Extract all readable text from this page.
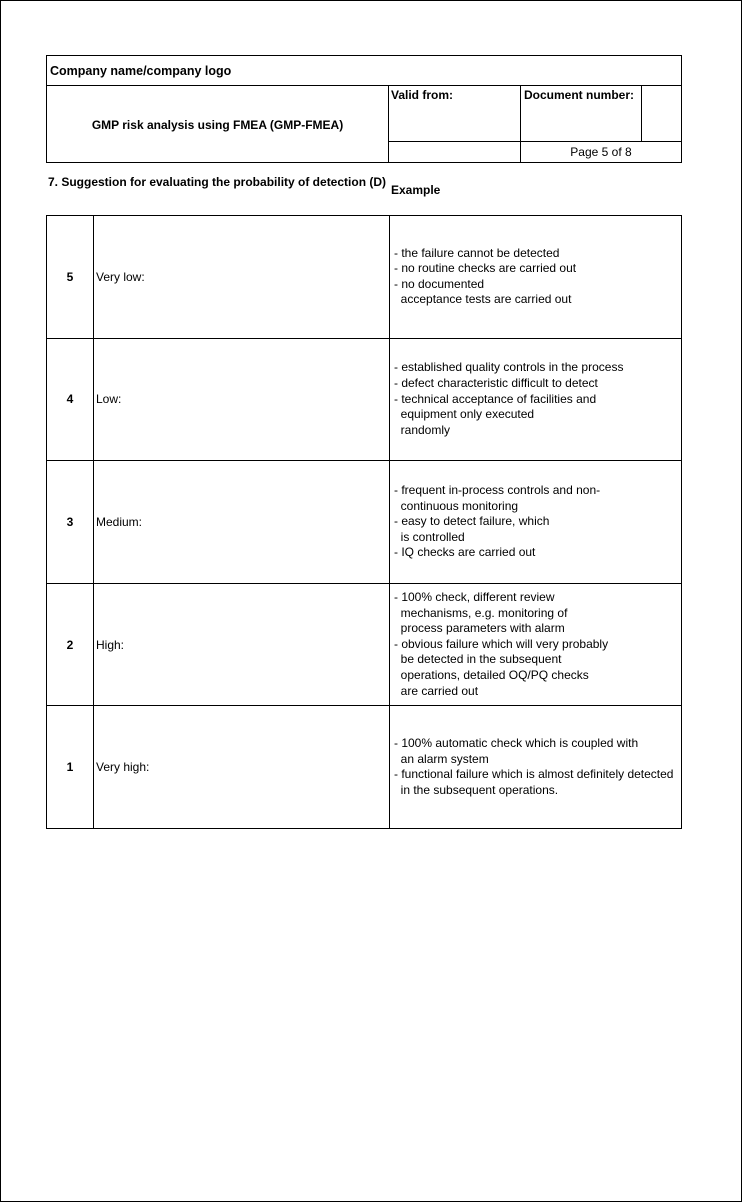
Company name/company logo
GMP risk analysis using FMEA (GMP-FMEA)
Valid from:	Document number:
Page 5 of 8
7. Suggestion for evaluating the probability of detection (D)
Example
5	Very low:
- the failure cannot be detected
- no routine checks are carried out
- no documented
acceptance tests are carried out
4	Low:
- established quality controls in the process
- defect characteristic difficult to detect
- technical acceptance of facilities and
equipment only executed
randomly
3	Medium:
- frequent in-process controls and non-
continuous monitoring
- easy to detect failure, which
is controlled
- IQ checks are carried out
2	High:
- 100% check, different review
mechanisms, e.g. monitoring of
process parameters with alarm
- obvious failure which will very probably
be detected in the subsequent
operations, detailed OQ/PQ checks
are carried out
1	Very high:
- 100% automatic check which is coupled with
an alarm system
- functional failure which is almost definitely detected
in the subsequent operations.
